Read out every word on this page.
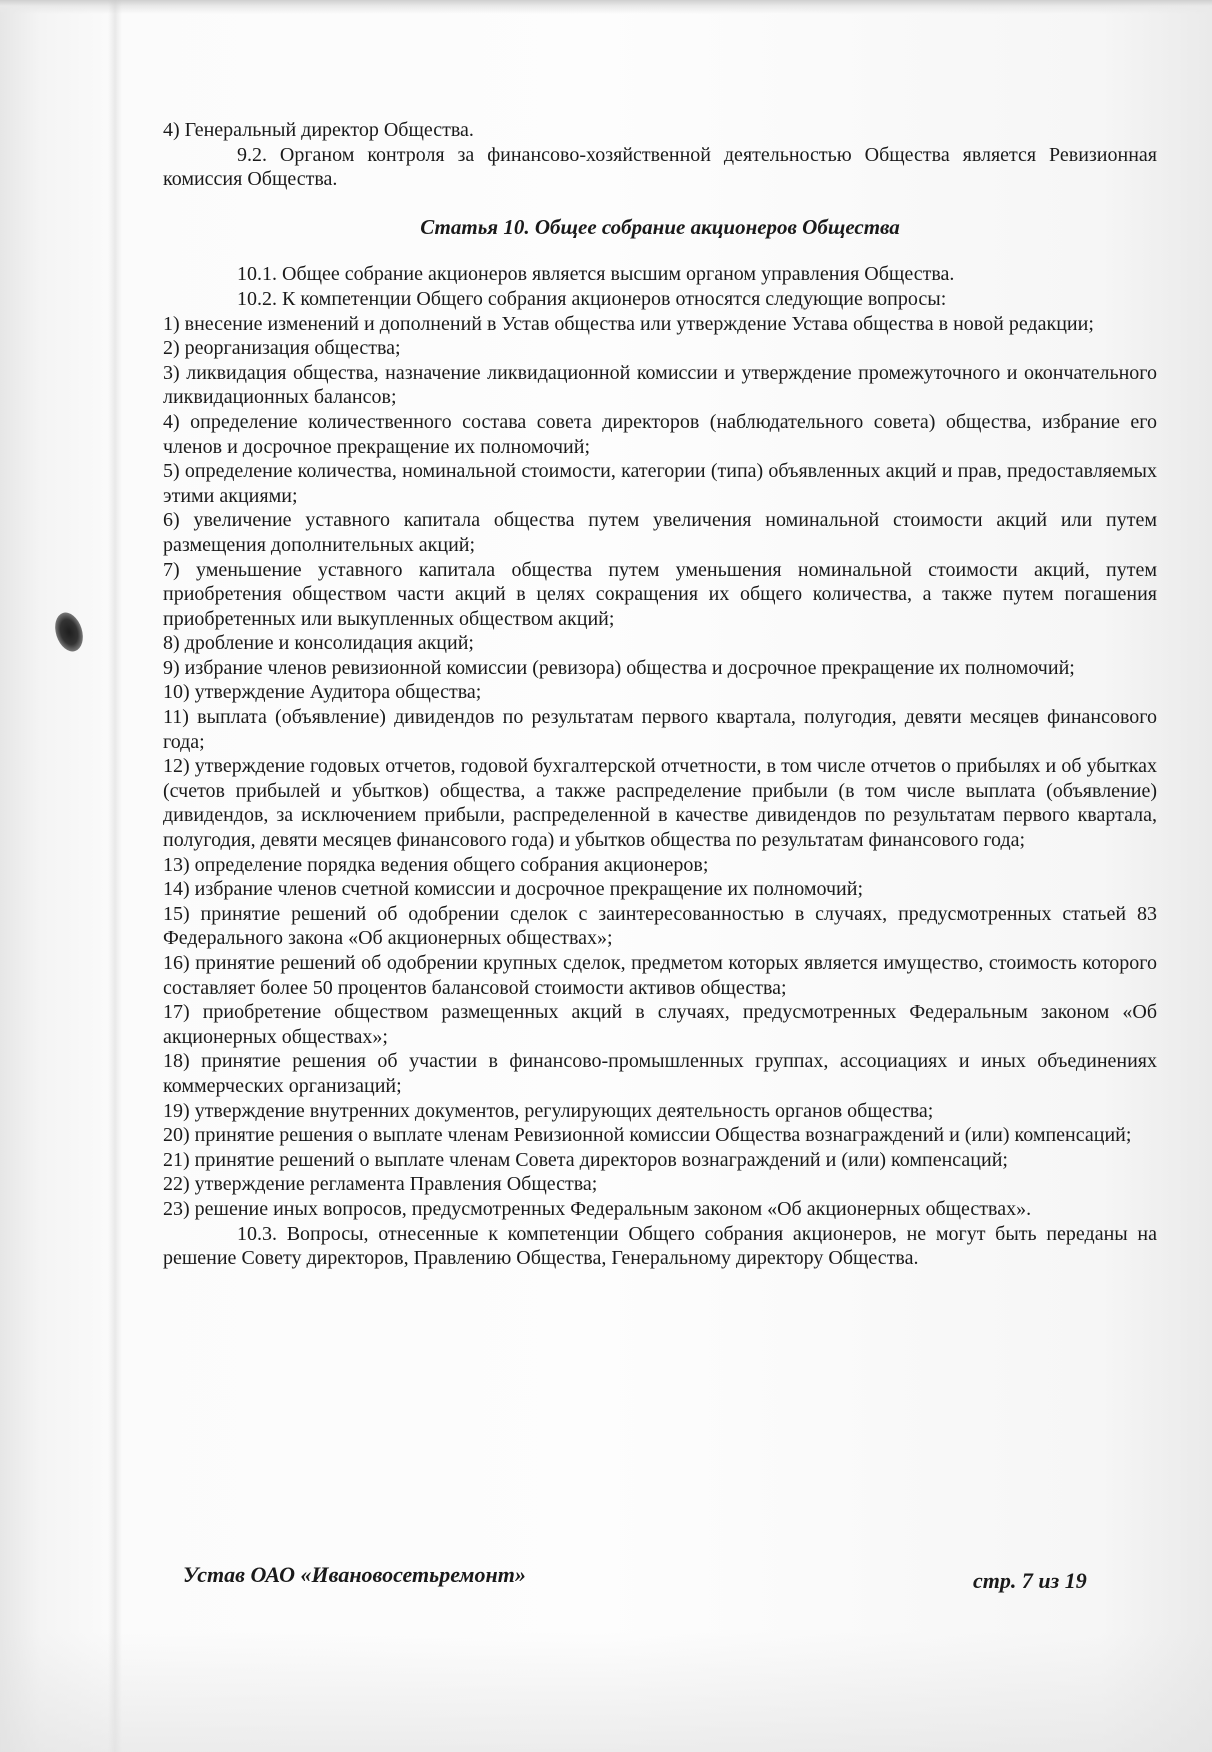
4) Генеральный директор Общества.

9.2. Органом контроля за финансово-хозяйственной деятельностью Общества является Ревизионная комиссия Общества.

Статья 10. Общее собрание акционеров Общества

10.1. Общее собрание акционеров является высшим органом управления Общества.

10.2. К компетенции Общего собрания акционеров относятся следующие вопросы:

1) внесение изменений и дополнений в Устав общества или утверждение Устава общества в новой редакции;

2) реорганизация общества;

3) ликвидация общества, назначение ликвидационной комиссии и утверждение промежуточного и окончательного ликвидационных балансов;

4) определение количественного состава совета директоров (наблюдательного совета) общества, избрание его членов и досрочное прекращение их полномочий;

5) определение количества, номинальной стоимости, категории (типа) объявленных акций и прав, предоставляемых этими акциями;

6) увеличение уставного капитала общества путем увеличения номинальной стоимости акций или путем размещения дополнительных акций;

7) уменьшение уставного капитала общества путем уменьшения номинальной стоимости акций, путем приобретения обществом части акций в целях сокращения их общего количества, а также путем погашения приобретенных или выкупленных обществом акций;

8) дробление и консолидация акций;

9) избрание членов ревизионной комиссии (ревизора) общества и досрочное прекращение их полномочий;

10) утверждение Аудитора общества;

11) выплата (объявление) дивидендов по результатам первого квартала, полугодия, девяти месяцев финансового года;

12) утверждение годовых отчетов, годовой бухгалтерской отчетности, в том числе отчетов о прибылях и об убытках (счетов прибылей и убытков) общества, а также распределение прибыли (в том числе выплата (объявление) дивидендов, за исключением прибыли, распределенной в качестве дивидендов по результатам первого квартала, полугодия, девяти месяцев финансового года) и убытков общества по результатам финансового года;

13) определение порядка ведения общего собрания акционеров;

14) избрание членов счетной комиссии и досрочное прекращение их полномочий;

15) принятие решений об одобрении сделок с заинтересованностью в случаях, предусмотренных статьей 83 Федерального закона «Об акционерных обществах»;

16) принятие решений об одобрении крупных сделок, предметом которых является имущество, стоимость которого составляет более 50 процентов балансовой стоимости активов общества;

17) приобретение обществом размещенных акций в случаях, предусмотренных Федеральным законом «Об акционерных обществах»;

18) принятие решения об участии в финансово-промышленных группах, ассоциациях и иных объединениях коммерческих организаций;

19) утверждение внутренних документов, регулирующих деятельность органов общества;

20) принятие решения о выплате членам Ревизионной комиссии Общества вознаграждений и (или) компенсаций;

21) принятие решений о выплате членам Совета директоров вознаграждений и (или) компенсаций;

22) утверждение регламента Правления Общества;

23) решение иных вопросов, предусмотренных Федеральным законом «Об акционерных обществах».

10.3. Вопросы, отнесенные к компетенции Общего собрания акционеров, не могут быть переданы на решение Совету директоров, Правлению Общества, Генеральному директору Общества.

Устав ОАО «Ивановосетьремонт»	стр. 7 из 19
